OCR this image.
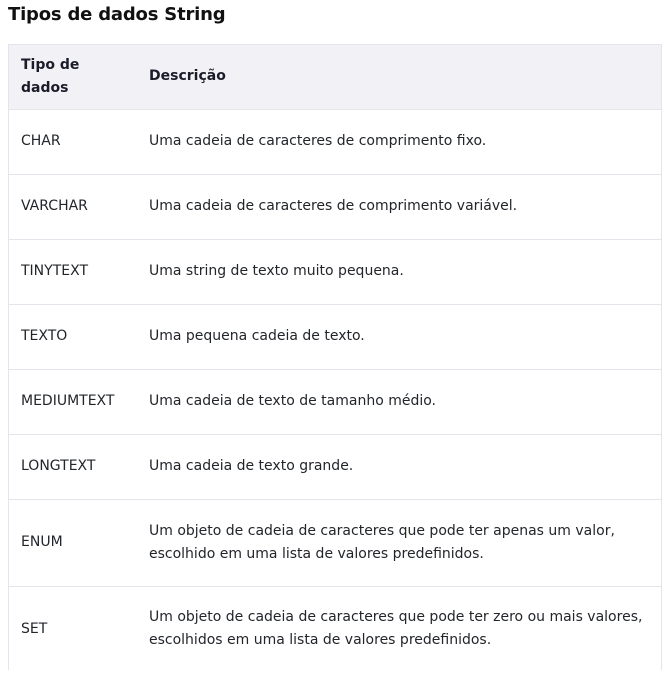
Tipos de dados String
Tipo de dados	Descrição
CHAR	Uma cadeia de caracteres de comprimento fixo.
VARCHAR	Uma cadeia de caracteres de comprimento variável.
TINYTEXT	Uma string de texto muito pequena.
TEXTO	Uma pequena cadeia de texto.
MEDIUMTEXT	Uma cadeia de texto de tamanho médio.
LONGTEXT	Uma cadeia de texto grande.
ENUM	Um objeto de cadeia de caracteres que pode ter apenas um valor, escolhido em uma lista de valores predefinidos.
SET	Um objeto de cadeia de caracteres que pode ter zero ou mais valores, escolhidos em uma lista de valores predefinidos.
